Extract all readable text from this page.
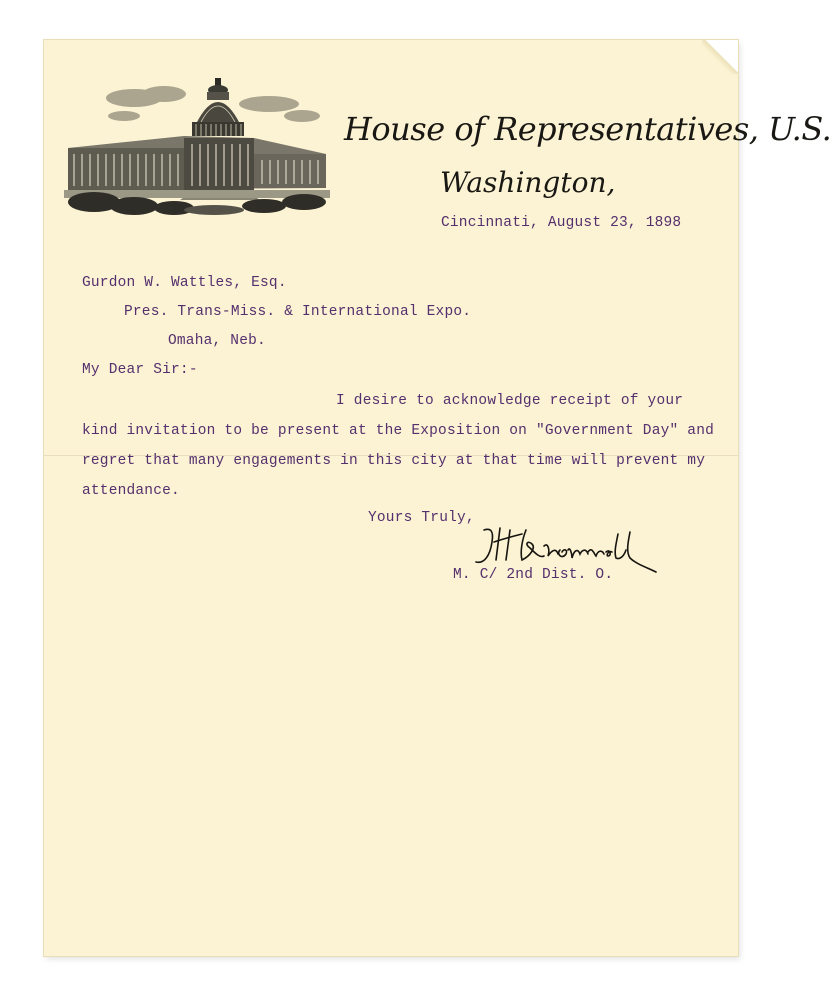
House of Representatives, U.S.
Washington,
Cincinnati, August 23, 1898
Gurdon W. Wattles, Esq.
Pres. Trans-Miss. & International Expo.
Omaha, Neb.
My Dear Sir:-
I desire to acknowledge receipt of your
kind invitation to be present at the Exposition on "Government Day" and
regret that many engagements in this city at that time will prevent my
attendance.
Yours Truly,
M. C/ 2nd Dist. O.
